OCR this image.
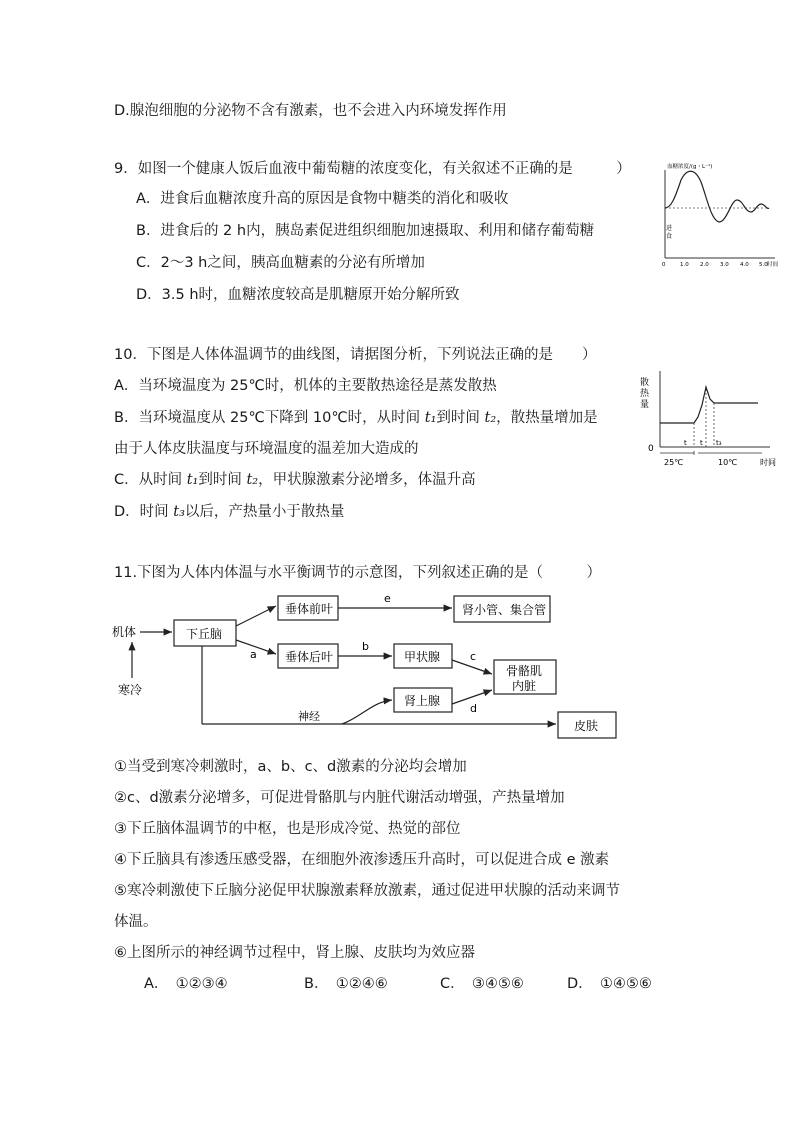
D.腺泡细胞的分泌物不含有激素，也不会进入内环境发挥作用
9．如图一个健康人饭后血液中葡萄糖的浓度变化，有关叙述不正确的是　　　）
A．进食后血糖浓度升高的原因是食物中糖类的消化和吸收
B．进食后的 2 h内，胰岛素促进组织细胞加速摄取、利用和储存葡萄糖
C．2～3 h之间，胰高血糖素的分泌有所增加
D．3.5 h时，血糖浓度较高是肌糖原开始分解所致
血糖浓度/(g・L⁻¹)
时间
进
食
0	1.0 2.0 3.0 4.0 5.0
10．下图是人体体温调节的曲线图，请据图分析，下列说法正确的是　　）
A．当环境温度为 25℃时，机体的主要散热途径是蒸发散热
B．当环境温度从 25℃下降到 10℃时，从时间 t₁到时间 t₂，散热量增加是
由于人体皮肤温度与环境温度的温差加大造成的
C．从时间 t₁到时间 t₂，甲状腺激素分泌增多，体温升高
D．时间 t₃以后，产热量小于散热量
散
热
量
0
t t t₃
25℃	10℃	时间
11.下图为人体内体温与水平衡调节的示意图，下列叙述正确的是（　　　）
机体
寒冷
下丘脑
a
垂体前叶
垂体后叶
e
肾小管、集合管
b
甲状腺	c
骨骼肌
内脏
肾上腺
d
神经
皮肤
①当受到寒冷刺激时，a、b、c、d激素的分泌均会增加
②c、d激素分泌增多，可促进骨骼肌与内脏代谢活动增强，产热量增加
③下丘脑体温调节的中枢，也是形成冷觉、热觉的部位
④下丘脑具有渗透压感受器，在细胞外液渗透压升高时，可以促进合成 e 激素
⑤寒冷刺激使下丘脑分泌促甲状腺激素释放激素，通过促进甲状腺的活动来调节
体温。
⑥上图所示的神经调节过程中，肾上腺、皮肤均为效应器
A．　①②③④	B．　①②④⑥	C．　③④⑤⑥	D．　①④⑤⑥
